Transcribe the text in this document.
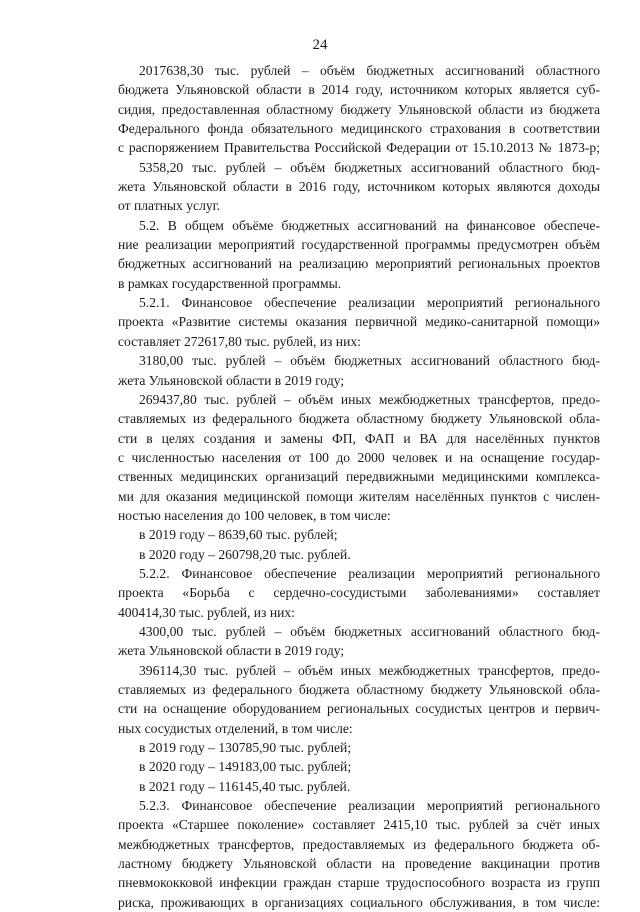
24
2017638,30 тыс. рублей – объём бюджетных ассигнований областного
бюджета Ульяновской области в 2014 году, источником которых является суб-
сидия, предоставленная областному бюджету Ульяновской области из бюджета
Федерального фонда обязательного медицинского страхования в соответствии
с распоряжением Правительства Российской Федерации от 15.10.2013 № 1873-р;
5358,20 тыс. рублей – объём бюджетных ассигнований областного бюд-
жета Ульяновской области в 2016 году, источником которых являются доходы
от платных услуг.
5.2. В общем объёме бюджетных ассигнований на финансовое обеспече-
ние реализации мероприятий государственной программы предусмотрен объём
бюджетных ассигнований на реализацию мероприятий региональных проектов
в рамках государственной программы.
5.2.1. Финансовое обеспечение реализации мероприятий регионального
проекта «Развитие системы оказания первичной медико-санитарной помощи»
составляет 272617,80 тыс. рублей, из них:
3180,00 тыс. рублей – объём бюджетных ассигнований областного бюд-
жета Ульяновской области в 2019 году;
269437,80 тыс. рублей – объём иных межбюджетных трансфертов, предо-
ставляемых из федерального бюджета областному бюджету Ульяновской обла-
сти в целях создания и замены ФП, ФАП и ВА для населённых пунктов
с численностью населения от 100 до 2000 человек и на оснащение государ-
ственных медицинских организаций передвижными медицинскими комплекса-
ми для оказания медицинской помощи жителям населённых пунктов с числен-
ностью населения до 100 человек, в том числе:
в 2019 году – 8639,60 тыс. рублей;
в 2020 году – 260798,20 тыс. рублей.
5.2.2. Финансовое обеспечение реализации мероприятий регионального
проекта «Борьба с сердечно-сосудистыми заболеваниями» составляет
400414,30 тыс. рублей, из них:
4300,00 тыс. рублей – объём бюджетных ассигнований областного бюд-
жета Ульяновской области в 2019 году;
396114,30 тыс. рублей – объём иных межбюджетных трансфертов, предо-
ставляемых из федерального бюджета областному бюджету Ульяновской обла-
сти на оснащение оборудованием региональных сосудистых центров и первич-
ных сосудистых отделений, в том числе:
в 2019 году – 130785,90 тыс. рублей;
в 2020 году – 149183,00 тыс. рублей;
в 2021 году – 116145,40 тыс. рублей.
5.2.3. Финансовое обеспечение реализации мероприятий регионального
проекта «Старшее поколение» составляет 2415,10 тыс. рублей за счёт иных
межбюджетных трансфертов, предоставляемых из федерального бюджета об-
ластному бюджету Ульяновской области на проведение вакцинации против
пневмококковой инфекции граждан старше трудоспособного возраста из групп
риска, проживающих в организациях социального обслуживания, в том числе:
